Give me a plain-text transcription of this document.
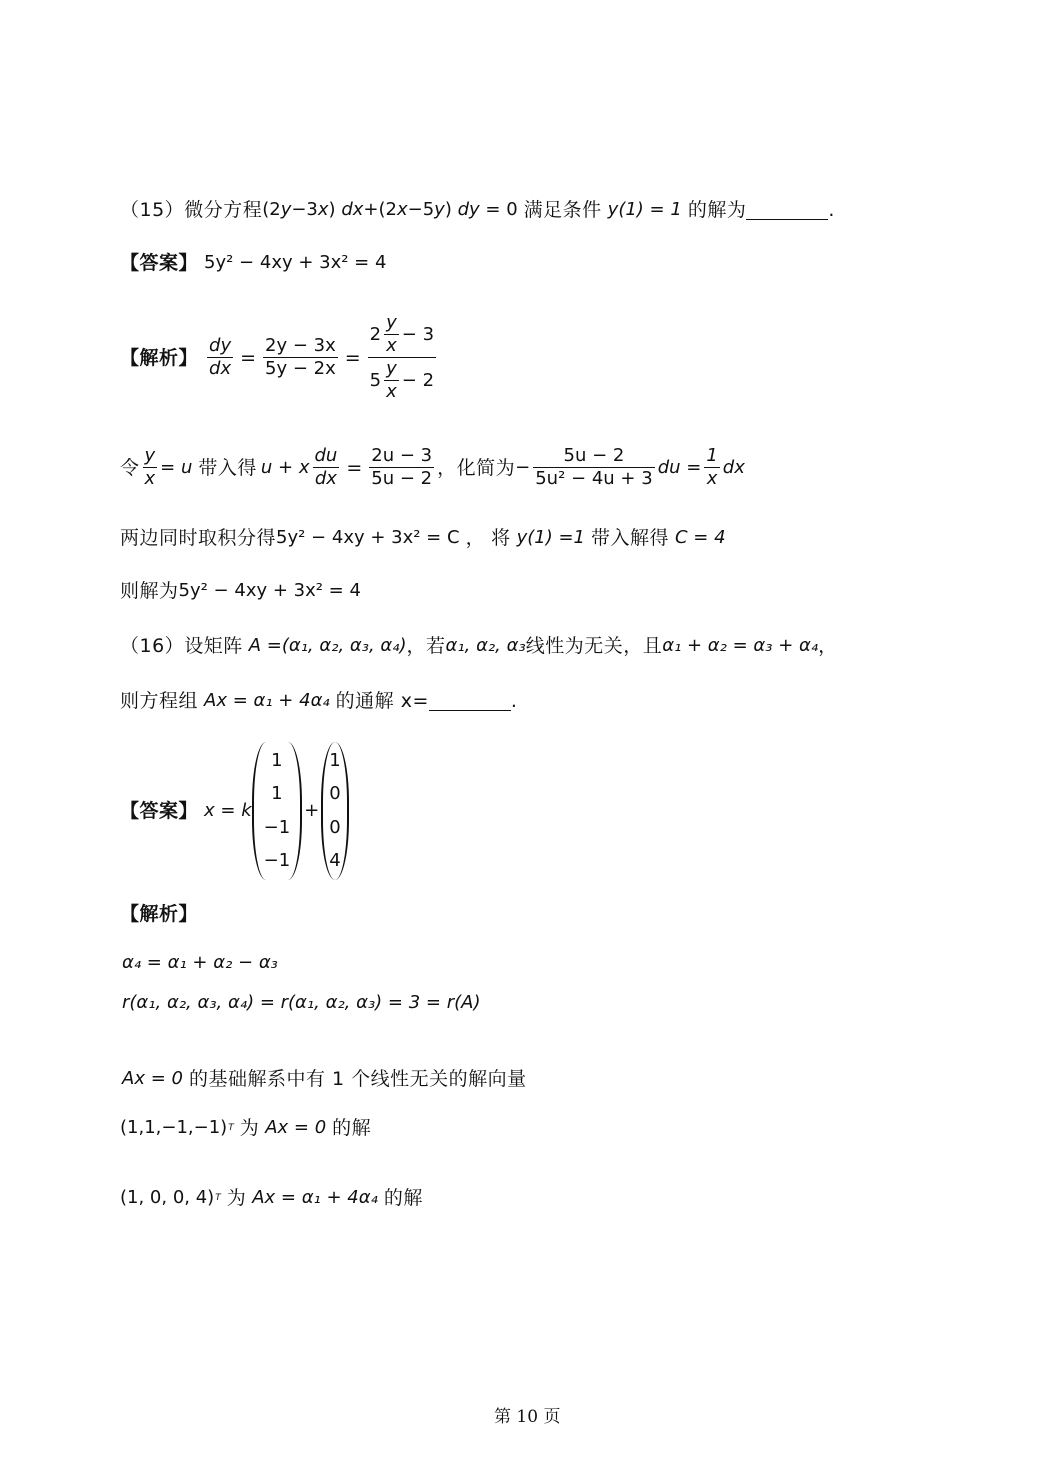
（15） 微分方程 (2y−3x) dx+(2x−5y) dy = 0 满足条件 y(1) = 1 的解为	.
【答案】 5y² − 4xy + 3x² = 4
【解析】 $\frac{dy}{dx} = \frac{2y - 3x}{5y - 2x} = \frac{2 \frac{y}{x} - 3}{5 \frac{y}{x} - 2}$
令 $\frac{y}{x} = u$ 带入得 u + x $\frac{du}{dx} = \frac{2u - 3}{5u - 2}$ ， 化简为 − $\frac{5u - 2}{\text{5u² − 4u + 3}}$ du = $\frac{1}{x}$ dx
两边同时取积分得 5y² − 4xy + 3x² = C ， 将 y(1) =1 带入解得 C = 4
则解为 5y² − 4xy + 3x² = 4
（16） 设矩阵 A =(α₁, α₂, α₃, α₄) ，若 α₁, α₂, α₃ 线性为无关，且 α₁ + α₂ = α₃ + α₄ ，
则方程组 Ax = α₁ + 4α₄ 的通解 x=	.
【答案】 x = k
1
1
−1
−1
+
1
0
0
4
【解析】
α₄ = α₁ + α₂ − α₃
r(α₁, α₂, α₃, α₄) = r(α₁, α₂, α₃) = 3 = r(A)
Ax = 0 的基础解系中有 1 个线性无关的解向量
(1,1,−1,−1) T 为 Ax = 0 的解
(1, 0, 0, 4) T 为 Ax = α₁ + 4α₄ 的解
第 10 页
